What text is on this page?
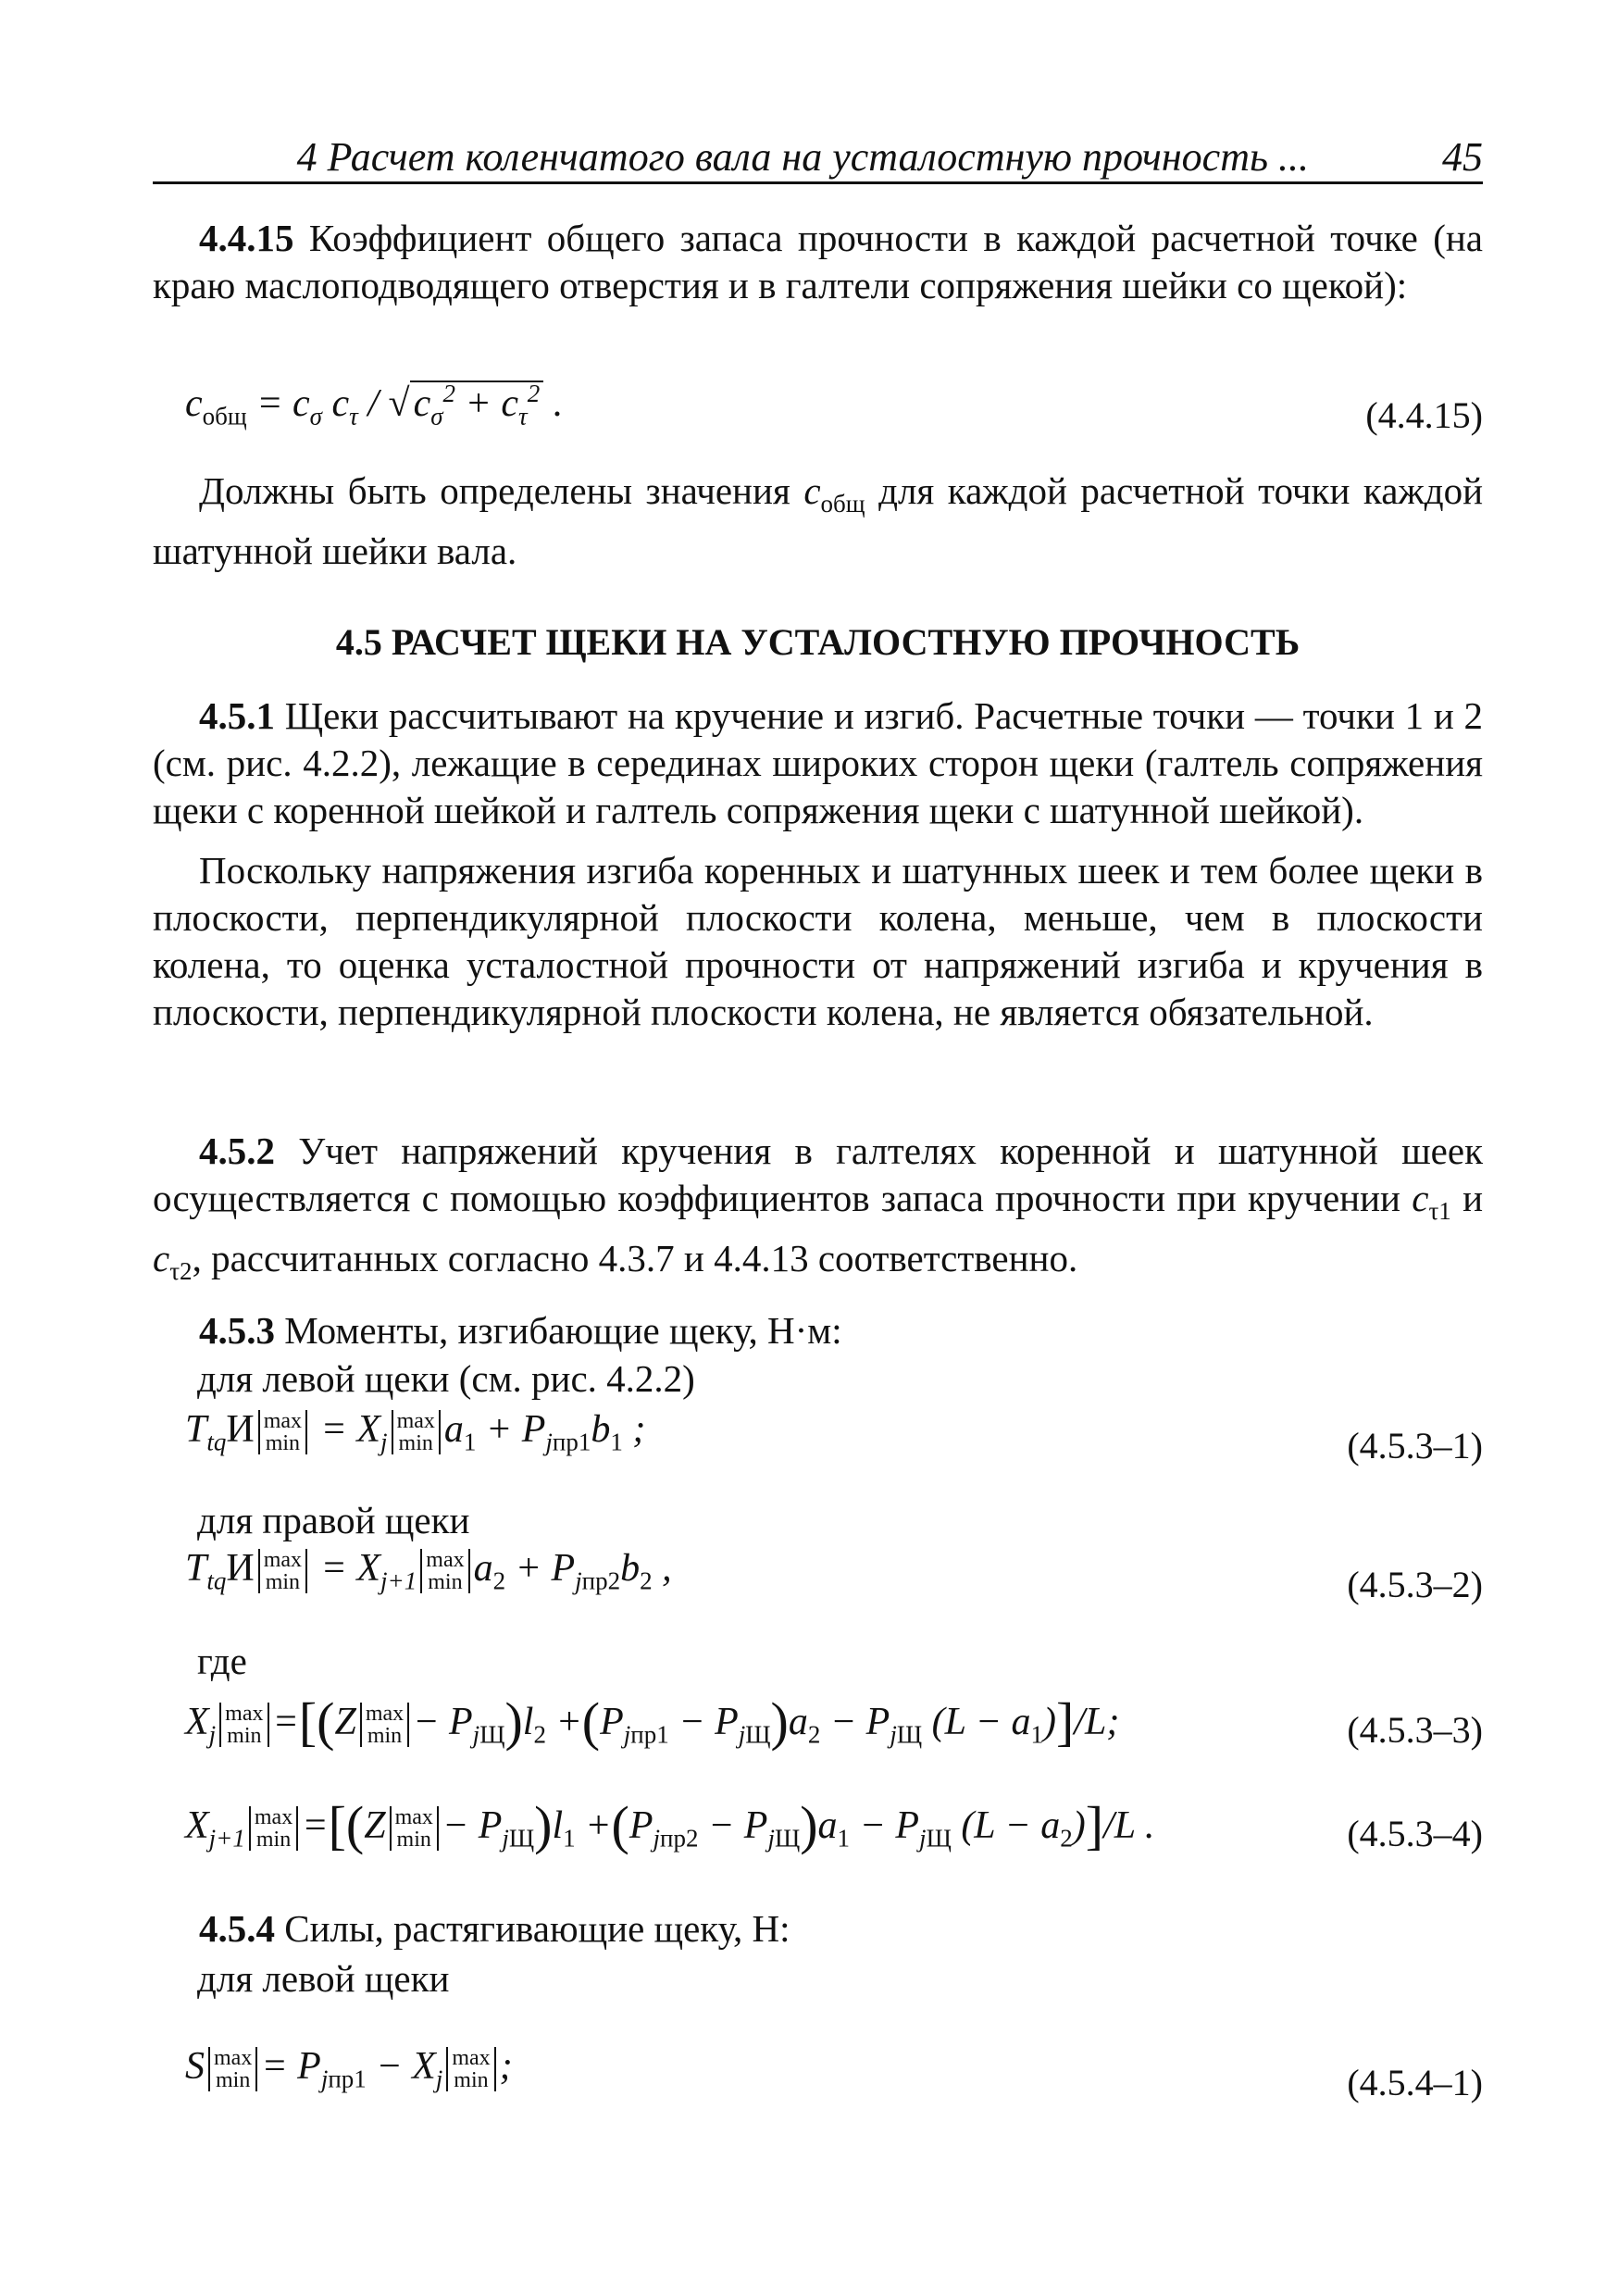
4 Расчет коленчатого вала на усталостную прочность ...	45

4.4.15 Коэффициент общего запаса прочности в каждой расчетной точке (на краю маслоподводящего отверстия и в галтели сопряжения шейки со щекой):

$c_{общ} = c_\sigma$ $c_\tau / √c_\sigma^2 + c_\tau^2$ .	(4.4.15)

Должны быть определены значения $c_{общ}$ для каждой расчетной точки каждой шатунной шейки вала.

4.5 РАСЧЕТ ЩЕКИ НА УСТАЛОСТНУЮ ПРОЧНОСТЬ

4.5.1 Щеки рассчитывают на кручение и изгиб. Расчетные точки — точки 1 и 2 (см. рис. 4.2.2), лежащие в серединах широких сторон щеки (галтель сопряжения щеки с коренной шейкой и галтель сопряжения щеки с шатунной шейкой).

Поскольку напряжения изгиба коренных и шатунных шеек и тем более щеки в плоскости, перпендикулярной плоскости колена, меньше, чем в плоскости колена, то оценка усталостной прочности от напряжений изгиба и кручения в плоскости, перпендикулярной плоскости колена, не является обязательной.

4.5.2 Учет напряжений кручения в галтелях коренной и шатунной шеек осуществляется с помощью коэффициентов запаса прочности при кручении $c_{\tau 1}$ и $c_{\tau 2}$, рассчитанных согласно 4.3.7 и 4.4.13 соответственно.

4.5.3 Моменты, изгибающие щеку, Н·м:

для левой щеки (см. рис. 4.2.2)
$T_{tq}И$ max
$\min = X_j$
max
$\min a_1 + P_{jпр1}b_1$ ;	(4.5.3–1)
для правой щеки
$T_{tq}И$ max
$\min = X_{j+1}$
max
$\min a_2 + P_{jпр2}b_2$ ,	(4.5.3–2)
где
$X_j$
max
min =[(Z max
$\min - P_{jЩ})l_2 +(P_{jпр1} - P_{jЩ})a_2 - P_{jЩ}$ $(L - a_1)]/L$;	(4.5.3–3)
$X_{j+1}$
max
min =[(Z max
$\min - P_{jЩ})l_1 +(P_{jпр2} - P_{jЩ})a_1 - P_{jЩ}$ $(L - a_2)]/L$ .	(4.5.3–4)

4.5.4 Силы, растягивающие щеку, Н:

для левой щеки
S max
$\min = P_{jпр1} - X_j$
max
min ;	(4.5.4–1)
